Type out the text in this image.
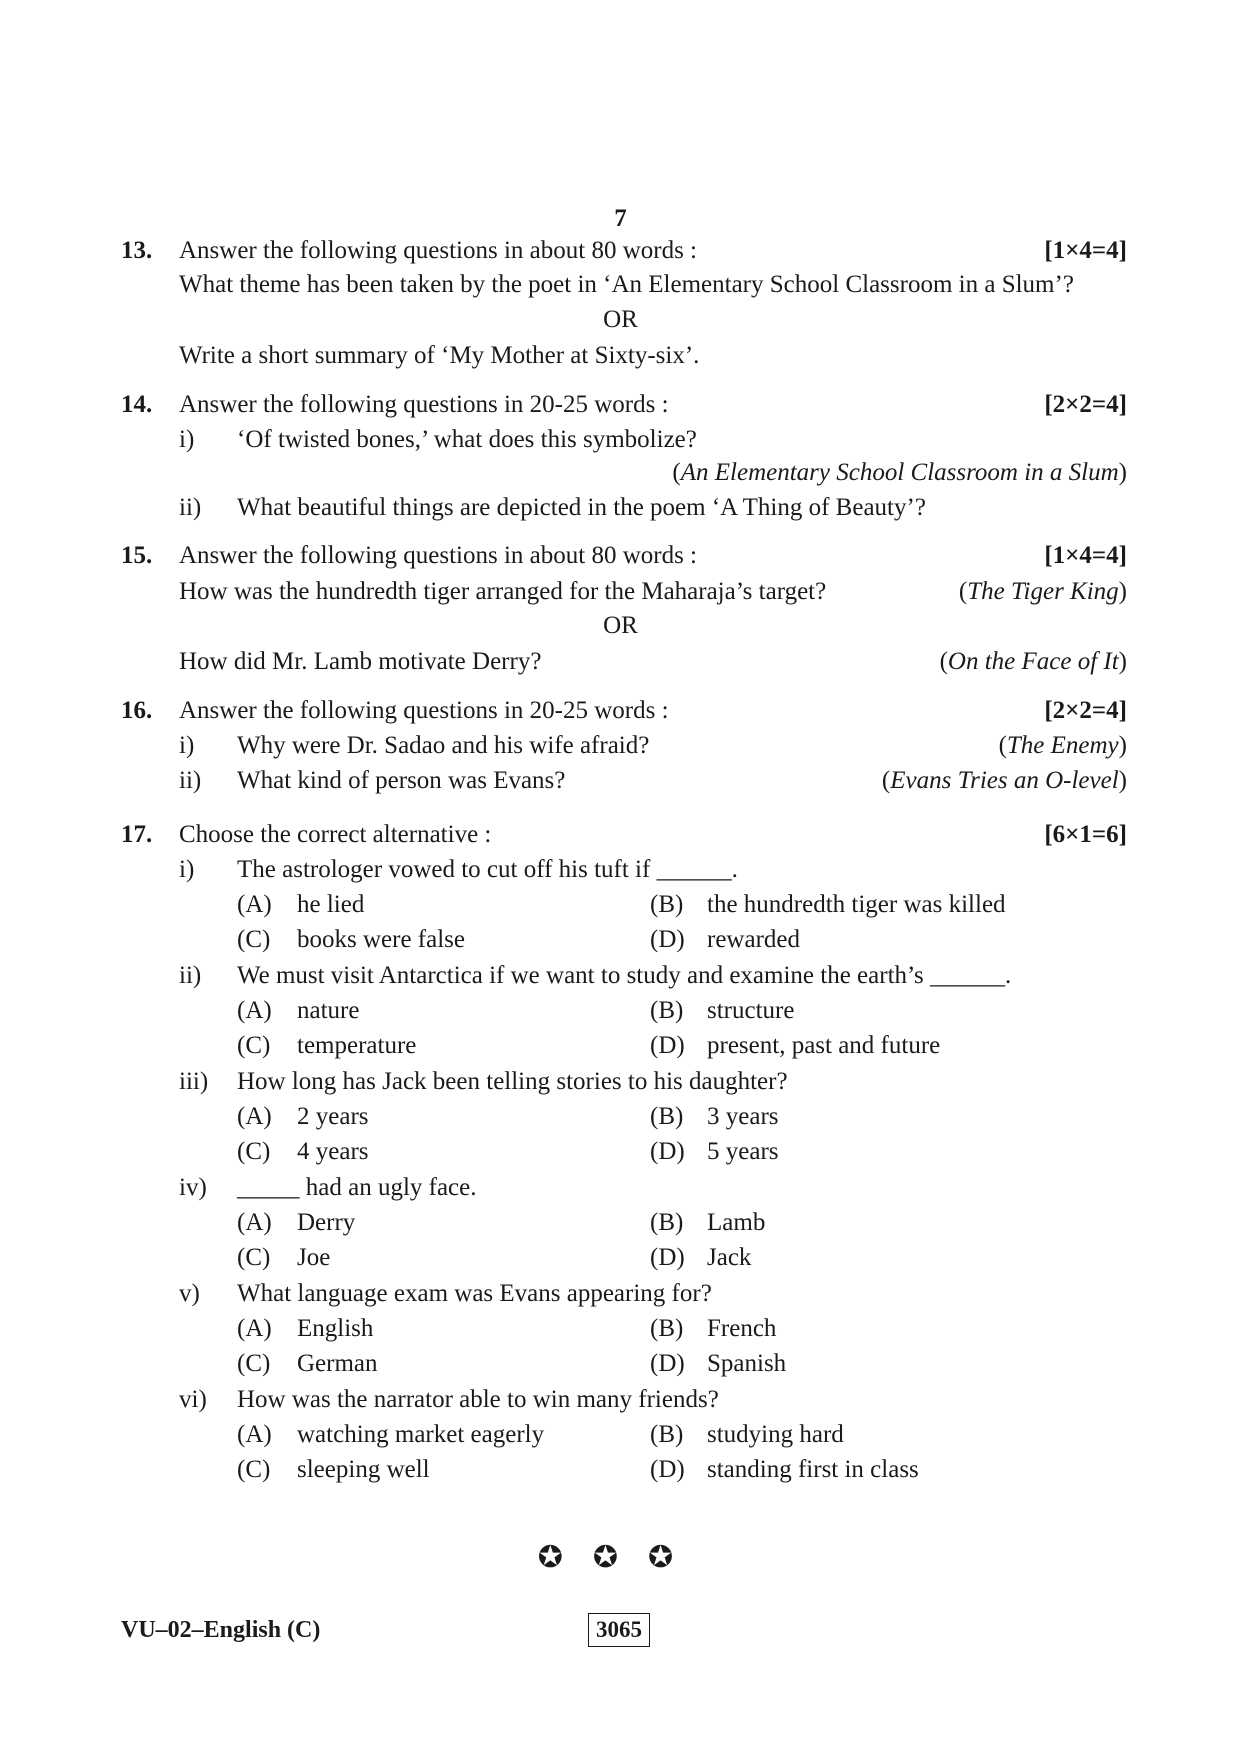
7
13. Answer the following questions in about 80 words :	[1×4=4]
What theme has been taken by the poet in ‘An Elementary School Classroom in a Slum’?
OR
Write a short summary of ‘My Mother at Sixty-six’.
14. Answer the following questions in 20-25 words :	[2×2=4]
i) ‘Of twisted bones,’ what does this symbolize?
(An Elementary School Classroom in a Slum)
ii) What beautiful things are depicted in the poem ‘A Thing of Beauty’?
15. Answer the following questions in about 80 words :	[1×4=4]
How was the hundredth tiger arranged for the Maharaja’s target?	(The Tiger King)
OR
How did Mr. Lamb motivate Derry?	(On the Face of It)
16. Answer the following questions in 20-25 words :	[2×2=4]
i) Why were Dr. Sadao and his wife afraid?	(The Enemy)
ii) What kind of person was Evans?	(Evans Tries an O-level)
17. Choose the correct alternative :	[6×1=6]
i) The astrologer vowed to cut off his tuft if ______.
(A) he lied	(B) the hundredth tiger was killed
(C) books were false	(D) rewarded
ii) We must visit Antarctica if we want to study and examine the earth’s ______.
(A) nature	(B) structure
(C) temperature	(D) present, past and future
iii) How long has Jack been telling stories to his daughter?
(A) 2 years	(B) 3 years
(C) 4 years	(D) 5 years
iv) _____ had an ugly face.
(A) Derry	(B) Lamb
(C) Joe	(D) Jack
v) What language exam was Evans appearing for?
(A) English	(B) French
(C) German	(D) Spanish
vi) How was the narrator able to win many friends?
(A) watching market eagerly	(B) studying hard
(C) sleeping well	(D) standing first in class
✪✪✪
VU–02–English (C)	3065
